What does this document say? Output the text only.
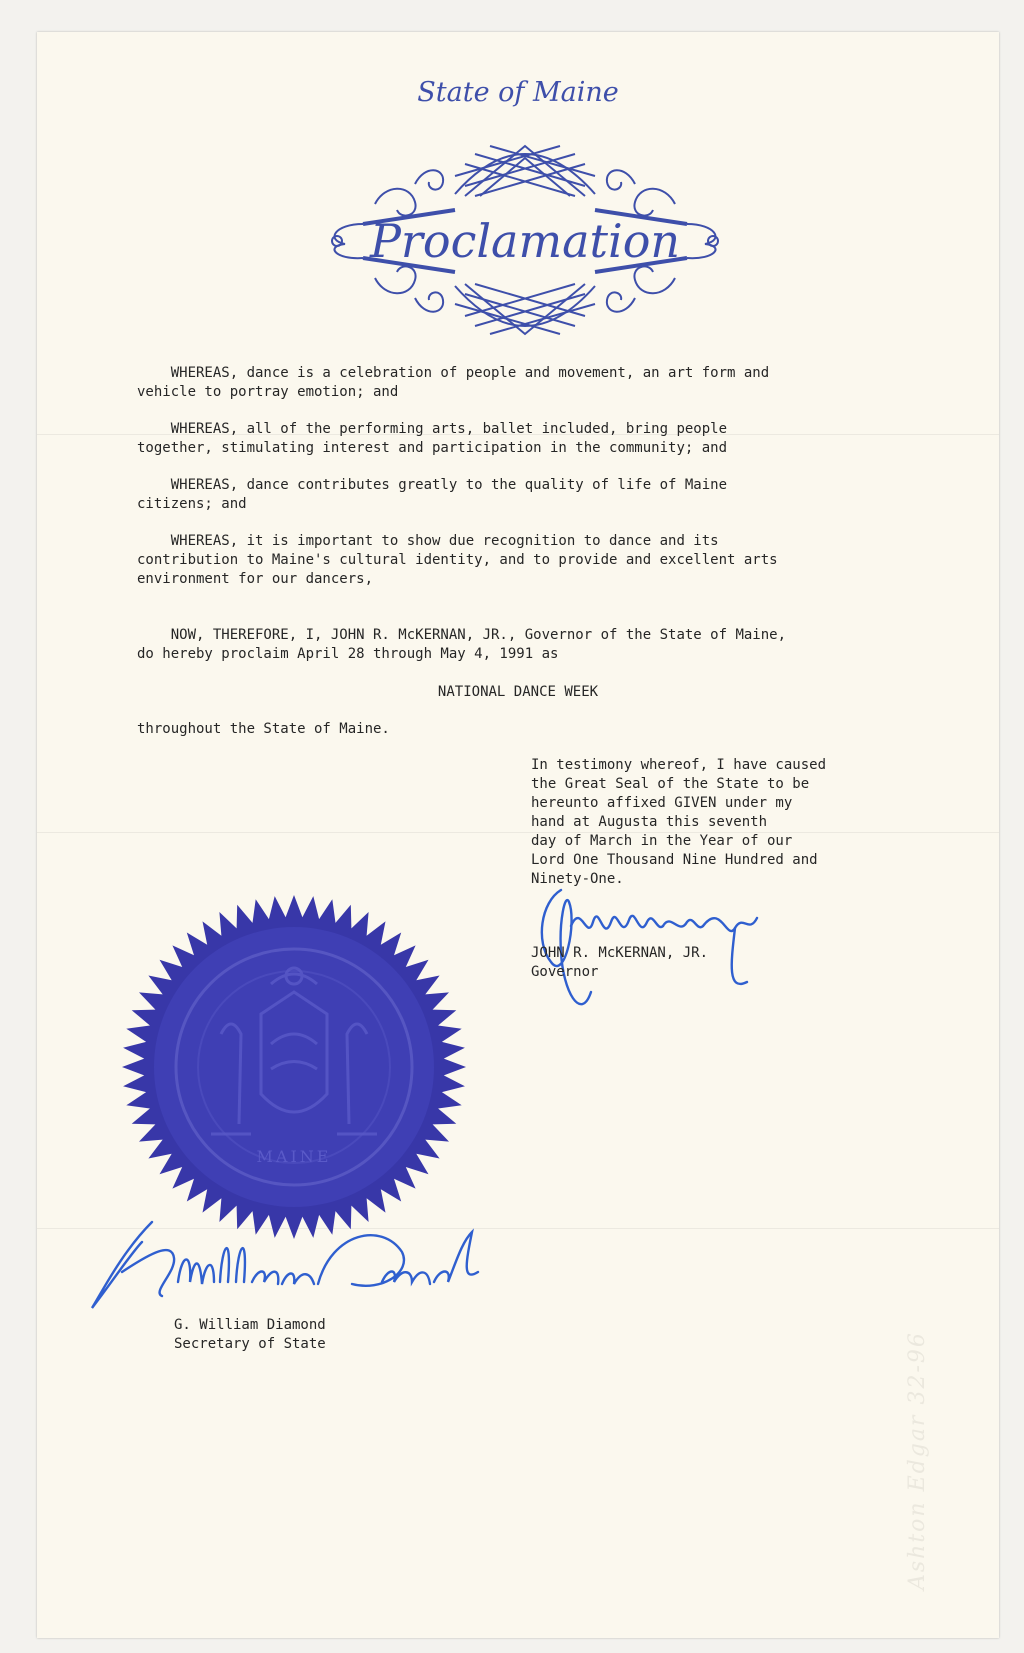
State of Maine
Proclamation

WHEREAS, dance is a celebration of people and movement, an art form and
vehicle to portray emotion; and

WHEREAS, all of the performing arts, ballet included, bring people
together, stimulating interest and participation in the community; and

WHEREAS, dance contributes greatly to the quality of life of Maine
citizens; and

WHEREAS, it is important to show due recognition to dance and its
contribution to Maine's cultural identity, and to provide and excellent arts
environment for our dancers,

NOW, THEREFORE, I, JOHN R. McKERNAN, JR., Governor of the State of Maine,
do hereby proclaim April 28 through May 4, 1991 as

NATIONAL DANCE WEEK

throughout the State of Maine.

In testimony whereof, I have caused
the Great Seal of the State to be
hereunto affixed GIVEN under my
hand at Augusta this seventh
day of March in the Year of our
Lord One Thousand Nine Hundred and
Ninety-One.

JOHN R. McKERNAN, JR.
Governor
MAINE
G. William Diamond
Secretary of State	Ashton Edgar 32-96
